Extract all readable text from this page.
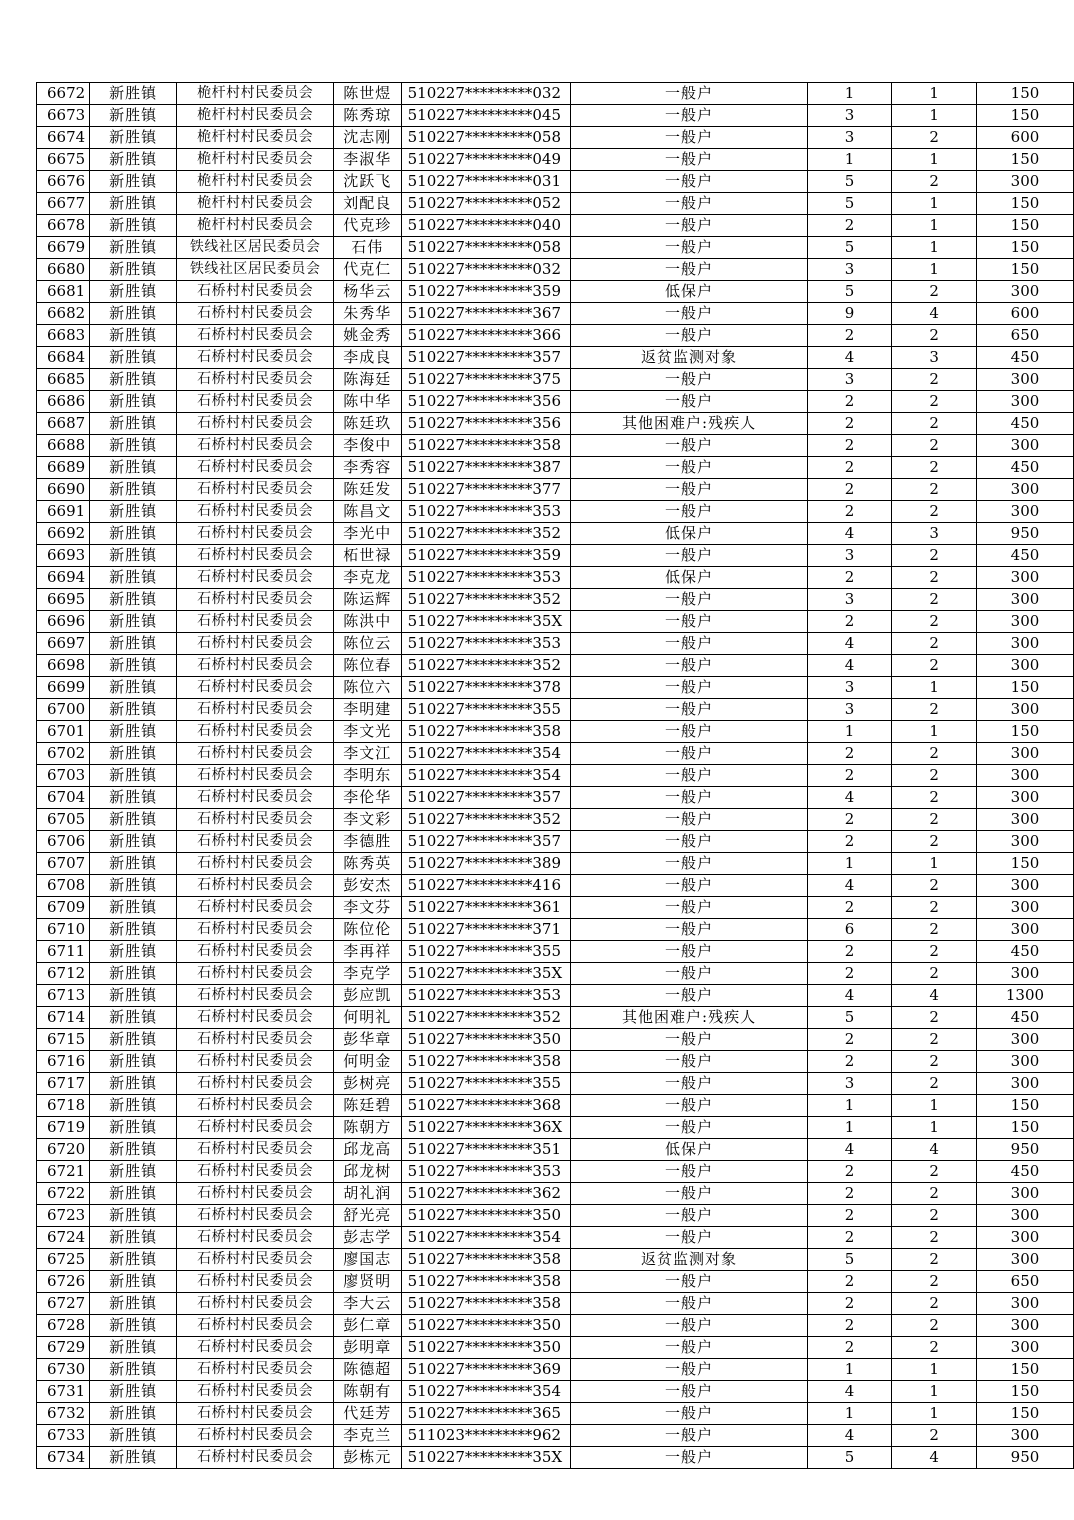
6672	新胜镇	桅杆村村民委员会	陈世煜	510227*********032	一般户	1	1	150
6673	新胜镇	桅杆村村民委员会	陈秀琼	510227*********045	一般户	3	1	150
6674	新胜镇	桅杆村村民委员会	沈志刚	510227*********058	一般户	3	2	600
6675	新胜镇	桅杆村村民委员会	李淑华	510227*********049	一般户	1	1	150
6676	新胜镇	桅杆村村民委员会	沈跃飞	510227*********031	一般户	5	2	300
6677	新胜镇	桅杆村村民委员会	刘配良	510227*********052	一般户	5	1	150
6678	新胜镇	桅杆村村民委员会	代克珍	510227*********040	一般户	2	1	150
6679	新胜镇	铁线社区居民委员会	石伟	510227*********058	一般户	5	1	150
6680	新胜镇	铁线社区居民委员会	代克仁	510227*********032	一般户	3	1	150
6681	新胜镇	石桥村村民委员会	杨华云	510227*********359	低保户	5	2	300
6682	新胜镇	石桥村村民委员会	朱秀华	510227*********367	一般户	9	4	600
6683	新胜镇	石桥村村民委员会	姚金秀	510227*********366	一般户	2	2	650
6684	新胜镇	石桥村村民委员会	李成良	510227*********357	返贫监测对象	4	3	450
6685	新胜镇	石桥村村民委员会	陈海廷	510227*********375	一般户	3	2	300
6686	新胜镇	石桥村村民委员会	陈中华	510227*********356	一般户	2	2	300
6687	新胜镇	石桥村村民委员会	陈廷玖	510227*********356	其他困难户:残疾人	2	2	450
6688	新胜镇	石桥村村民委员会	李俊中	510227*********358	一般户	2	2	300
6689	新胜镇	石桥村村民委员会	李秀容	510227*********387	一般户	2	2	450
6690	新胜镇	石桥村村民委员会	陈廷发	510227*********377	一般户	2	2	300
6691	新胜镇	石桥村村民委员会	陈昌文	510227*********353	一般户	2	2	300
6692	新胜镇	石桥村村民委员会	李光中	510227*********352	低保户	4	3	950
6693	新胜镇	石桥村村民委员会	柘世禄	510227*********359	一般户	3	2	450
6694	新胜镇	石桥村村民委员会	李克龙	510227*********353	低保户	2	2	300
6695	新胜镇	石桥村村民委员会	陈运辉	510227*********352	一般户	3	2	300
6696	新胜镇	石桥村村民委员会	陈洪中	510227*********35X	一般户	2	2	300
6697	新胜镇	石桥村村民委员会	陈位云	510227*********353	一般户	4	2	300
6698	新胜镇	石桥村村民委员会	陈位春	510227*********352	一般户	4	2	300
6699	新胜镇	石桥村村民委员会	陈位六	510227*********378	一般户	3	1	150
6700	新胜镇	石桥村村民委员会	李明建	510227*********355	一般户	3	2	300
6701	新胜镇	石桥村村民委员会	李文光	510227*********358	一般户	1	1	150
6702	新胜镇	石桥村村民委员会	李文江	510227*********354	一般户	2	2	300
6703	新胜镇	石桥村村民委员会	李明东	510227*********354	一般户	2	2	300
6704	新胜镇	石桥村村民委员会	李伦华	510227*********357	一般户	4	2	300
6705	新胜镇	石桥村村民委员会	李文彩	510227*********352	一般户	2	2	300
6706	新胜镇	石桥村村民委员会	李德胜	510227*********357	一般户	2	2	300
6707	新胜镇	石桥村村民委员会	陈秀英	510227*********389	一般户	1	1	150
6708	新胜镇	石桥村村民委员会	彭安杰	510227*********416	一般户	4	2	300
6709	新胜镇	石桥村村民委员会	李文芬	510227*********361	一般户	2	2	300
6710	新胜镇	石桥村村民委员会	陈位伦	510227*********371	一般户	6	2	300
6711	新胜镇	石桥村村民委员会	李再祥	510227*********355	一般户	2	2	450
6712	新胜镇	石桥村村民委员会	李克学	510227*********35X	一般户	2	2	300
6713	新胜镇	石桥村村民委员会	彭应凯	510227*********353	一般户	4	4	1300
6714	新胜镇	石桥村村民委员会	何明礼	510227*********352	其他困难户:残疾人	5	2	450
6715	新胜镇	石桥村村民委员会	彭华章	510227*********350	一般户	2	2	300
6716	新胜镇	石桥村村民委员会	何明金	510227*********358	一般户	2	2	300
6717	新胜镇	石桥村村民委员会	彭树亮	510227*********355	一般户	3	2	300
6718	新胜镇	石桥村村民委员会	陈廷碧	510227*********368	一般户	1	1	150
6719	新胜镇	石桥村村民委员会	陈朝方	510227*********36X	一般户	1	1	150
6720	新胜镇	石桥村村民委员会	邱龙高	510227*********351	低保户	4	4	950
6721	新胜镇	石桥村村民委员会	邱龙树	510227*********353	一般户	2	2	450
6722	新胜镇	石桥村村民委员会	胡礼润	510227*********362	一般户	2	2	300
6723	新胜镇	石桥村村民委员会	舒光亮	510227*********350	一般户	2	2	300
6724	新胜镇	石桥村村民委员会	彭志学	510227*********354	一般户	2	2	300
6725	新胜镇	石桥村村民委员会	廖国志	510227*********358	返贫监测对象	5	2	300
6726	新胜镇	石桥村村民委员会	廖贤明	510227*********358	一般户	2	2	650
6727	新胜镇	石桥村村民委员会	李大云	510227*********358	一般户	2	2	300
6728	新胜镇	石桥村村民委员会	彭仁章	510227*********350	一般户	2	2	300
6729	新胜镇	石桥村村民委员会	彭明章	510227*********350	一般户	2	2	300
6730	新胜镇	石桥村村民委员会	陈德超	510227*********369	一般户	1	1	150
6731	新胜镇	石桥村村民委员会	陈朝有	510227*********354	一般户	4	1	150
6732	新胜镇	石桥村村民委员会	代廷芳	510227*********365	一般户	1	1	150
6733	新胜镇	石桥村村民委员会	李克兰	511023*********962	一般户	4	2	300
6734	新胜镇	石桥村村民委员会	彭栋元	510227*********35X	一般户	5	4	950
